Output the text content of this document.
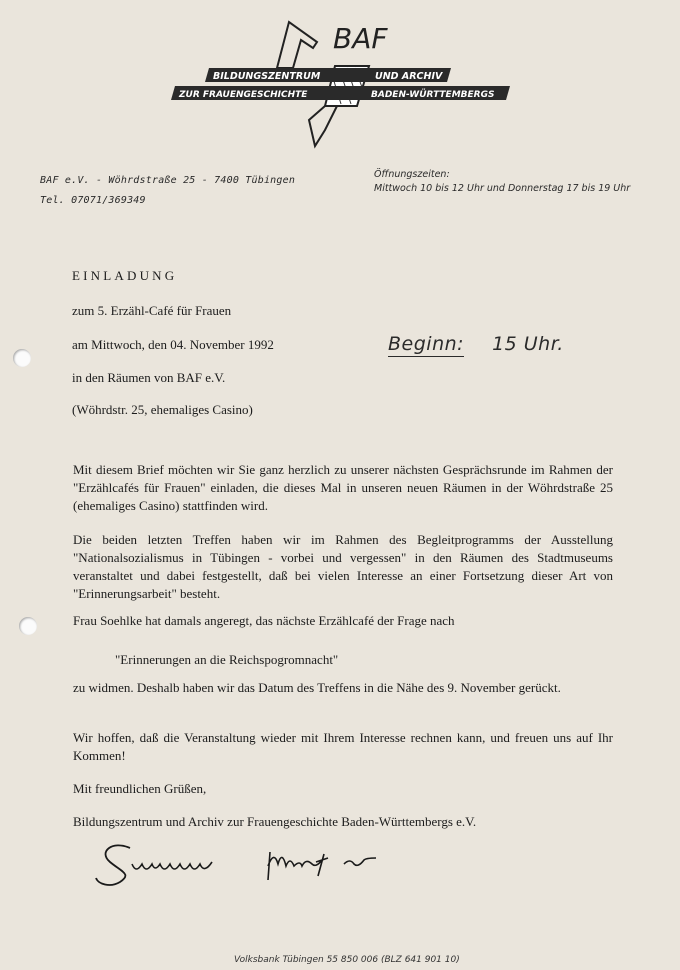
BAF
BILDUNGSZENTRUM	UND ARCHIV
ZUR FRAUENGESCHICHTE	BADEN-WÜRTTEMBERGS
BAF e.V. - Wöhrdstraße 25 - 7400 Tübingen
Tel. 07071/369349
Öffnungszeiten:
Mittwoch 10 bis 12 Uhr und Donnerstag 17 bis 19 Uhr
EINLADUNG
zum 5. Erzähl-Café für Frauen
am Mittwoch, den 04. November 1992
in den Räumen von BAF e.V.
(Wöhrdstr. 25, ehemaliges Casino)
Beginn: 15 Uhr.
Mit diesem Brief möchten wir Sie ganz herzlich zu unserer nächsten Gesprächsrunde im Rahmen der "Erzählcafés für Frauen" einladen, die dieses Mal in unseren neuen Räumen in der Wöhrdstraße 25 (ehemaliges Casino) stattfinden wird.
Die beiden letzten Treffen haben wir im Rahmen des Begleitprogramms der Ausstellung "Nationalsozialismus in Tübingen - vorbei und vergessen" in den Räumen des Stadtmuseums veranstaltet und dabei festgestellt, daß bei vielen Interesse an einer Fortsetzung dieser Art von "Erinnerungsarbeit" besteht.
Frau Soehlke hat damals angeregt, das nächste Erzählcafé der Frage nach
"Erinnerungen an die Reichspogromnacht"
zu widmen. Deshalb haben wir das Datum des Treffens in die Nähe des 9. November gerückt.
Wir hoffen, daß die Veranstaltung wieder mit Ihrem Interesse rechnen kann, und freuen uns auf Ihr Kommen!
Mit freundlichen Grüßen,
Bildungszentrum und Archiv zur Frauengeschichte Baden-Württembergs e.V.
Volksbank Tübingen 55 850 006 (BLZ 641 901 10)
